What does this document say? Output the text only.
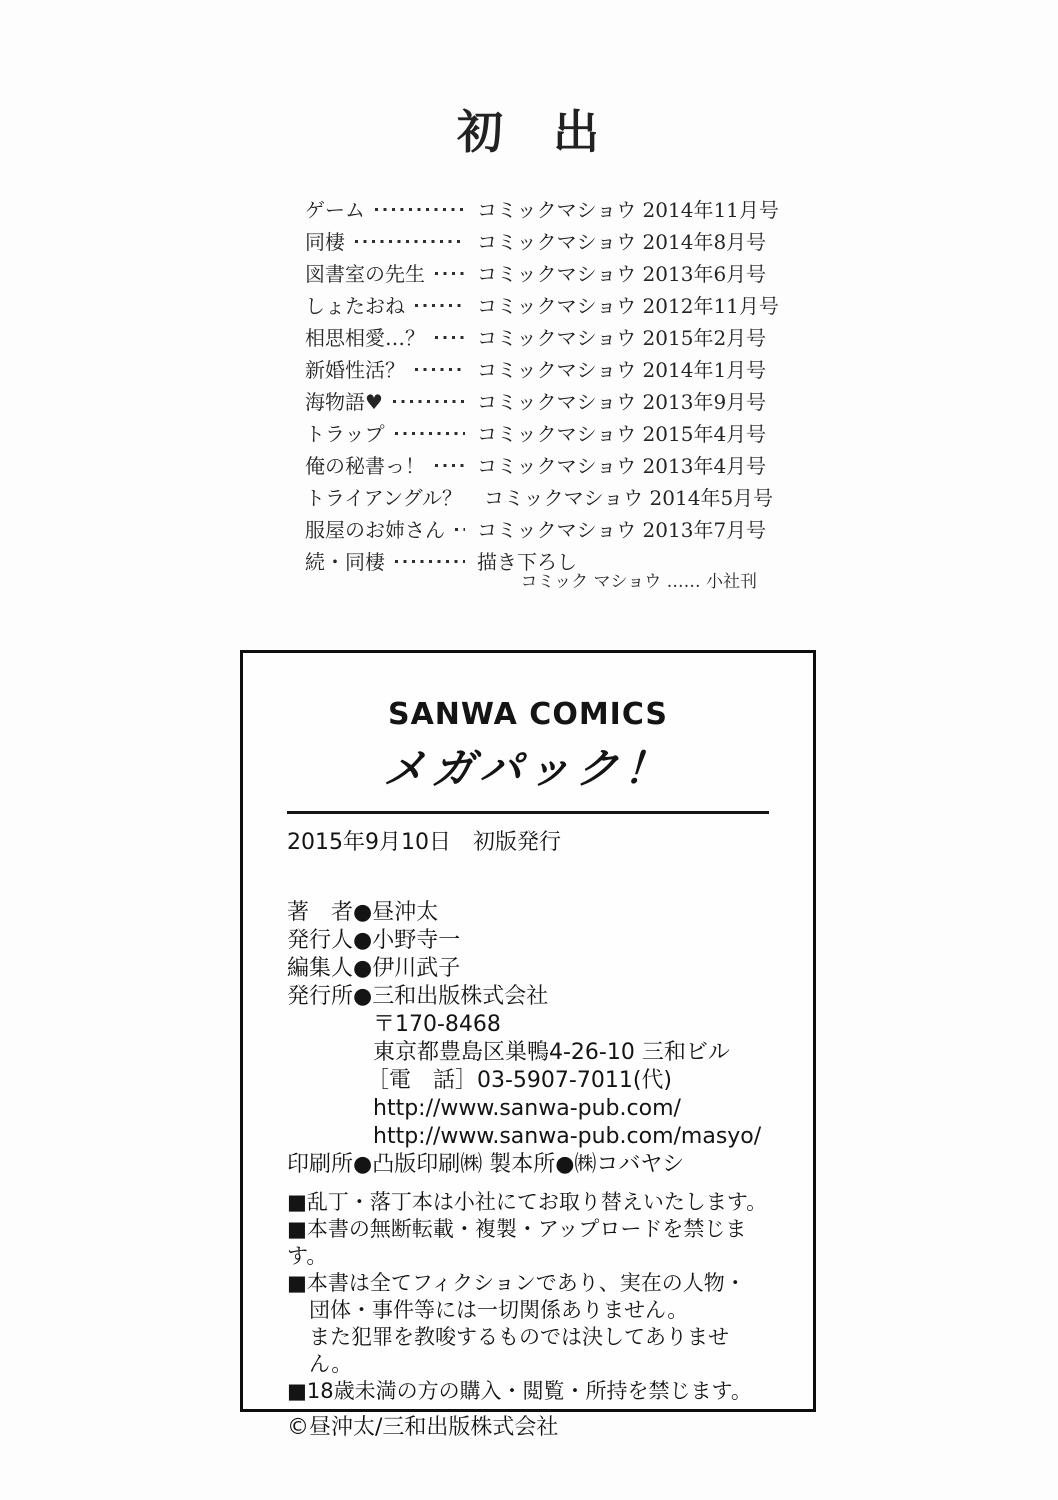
初　出
ゲーム	コミックマショウ 2014年11月号
同棲	コミックマショウ 2014年8月号
図書室の先生	コミックマショウ 2013年6月号
しょたおね	コミックマショウ 2012年11月号
相思相愛…？	コミックマショウ 2015年2月号
新婚性活？	コミックマショウ 2014年1月号
海物語♥	コミックマショウ 2013年9月号
トラップ	コミックマショウ 2015年4月号
俺の秘書っ！	コミックマショウ 2013年4月号
トライアングル？ コミックマショウ 2014年5月号
服屋のお姉さん コミックマショウ 2013年7月号
続・同棲	描き下ろし
コミック マショウ …… 小社刊
SANWA COMICS
メガパック！
2015年9月10日　初版発行
著　者●昼沖太
発行人●小野寺一
編集人●伊川武子
発行所●三和出版株式会社
〒170-8468
東京都豊島区巣鴨4-26-10 三和ビル
［電　話］03-5907-7011(代)
http://www.sanwa-pub.com/
http://www.sanwa-pub.com/masyo/
印刷所●凸版印刷㈱ 製本所●㈱コバヤシ
■乱丁・落丁本は小社にてお取り替えいたします。
■本書の無断転載・複製・アップロードを禁じます。
■本書は全てフィクションであり、実在の人物・
団体・事件等には一切関係ありません。
また犯罪を教唆するものでは決してありません。
■18歳未満の方の購入・閲覧・所持を禁じます。
©昼沖太/三和出版株式会社
